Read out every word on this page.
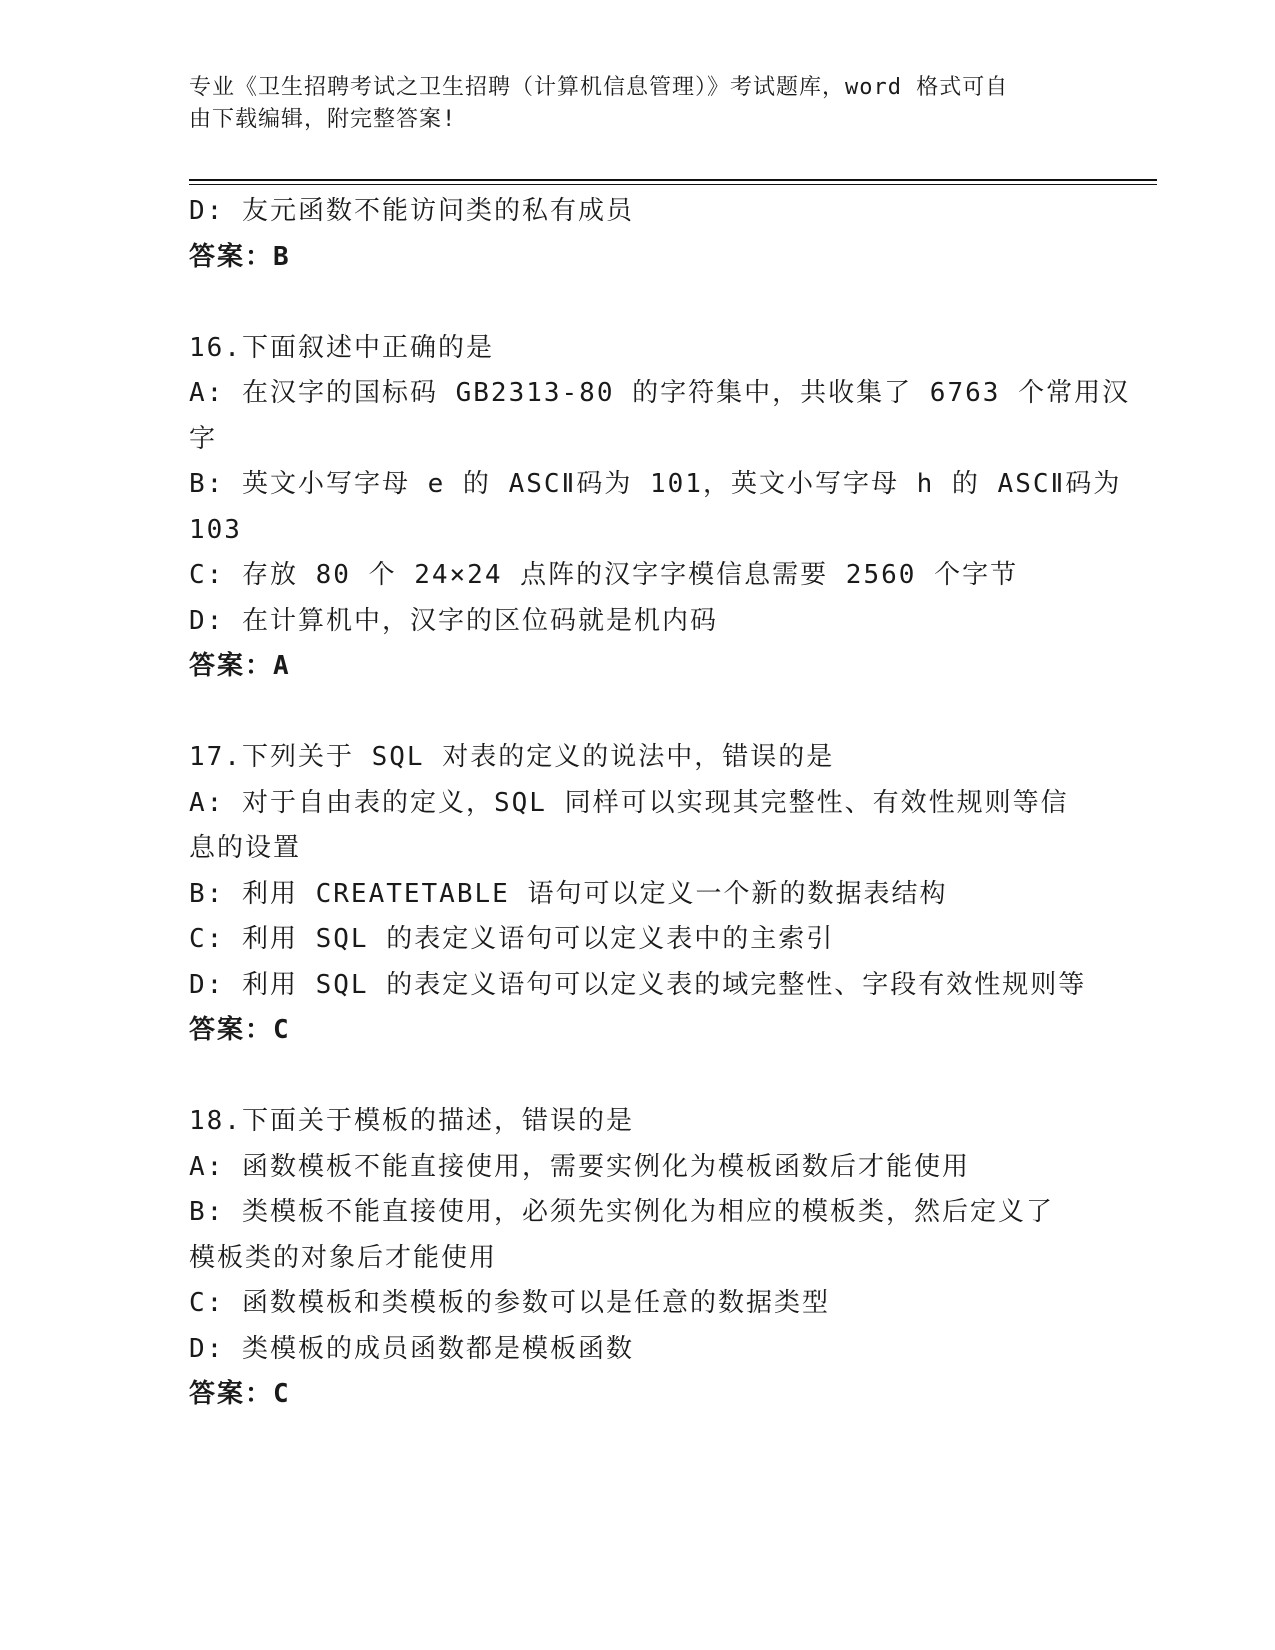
专业《卫生招聘考试之卫生招聘（计算机信息管理）》考试题库，word 格式可自
由下载编辑，附完整答案!
D: 友元函数不能访问类的私有成员
答案：B
16.下面叙述中正确的是
A: 在汉字的国标码 GB2313-80 的字符集中，共收集了 6763 个常用汉
字
B: 英文小写字母 e 的 ASCⅡ码为 101，英文小写字母 h 的 ASCⅡ码为
103
C: 存放 80 个 24×24 点阵的汉字字模信息需要 2560 个字节
D: 在计算机中，汉字的区位码就是机内码
答案：A
17.下列关于 SQL 对表的定义的说法中，错误的是
A: 对于自由表的定义，SQL 同样可以实现其完整性、有效性规则等信
息的设置
B: 利用 CREATETABLE 语句可以定义一个新的数据表结构
C: 利用 SQL 的表定义语句可以定义表中的主索引
D: 利用 SQL 的表定义语句可以定义表的域完整性、字段有效性规则等
答案：C
18.下面关于模板的描述，错误的是
A: 函数模板不能直接使用，需要实例化为模板函数后才能使用
B: 类模板不能直接使用，必须先实例化为相应的模板类，然后定义了
模板类的对象后才能使用
C: 函数模板和类模板的参数可以是任意的数据类型
D: 类模板的成员函数都是模板函数
答案：C
